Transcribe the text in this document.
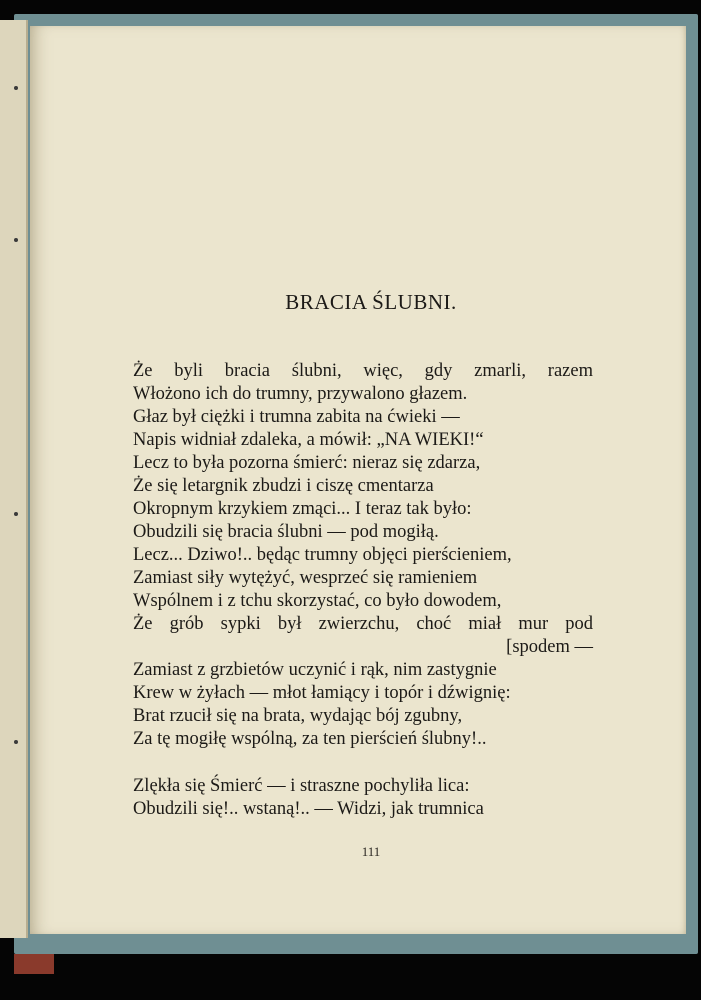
BRACIA ŚLUBNI.
Że byli bracia ślubni, więc, gdy zmarli, razem
Włożono ich do trumny, przywalono głazem.
Głaz był ciężki i trumna zabita na ćwieki —
Napis widniał zdaleka, a mówił: „NA WIEKI!“
Lecz to była pozorna śmierć: nieraz się zdarza,
Że się letargnik zbudzi i ciszę cmentarza
Okropnym krzykiem zmąci... I teraz tak było:
Obudzili się bracia ślubni — pod mogiłą.
Lecz... Dziwo!.. będąc trumny objęci pierścieniem,
Zamiast siły wytężyć, wesprzeć się ramieniem
Wspólnem i z tchu skorzystać, co było dowodem,
Że grób sypki był zwierzchu, choć miał mur pod
[spodem —
Zamiast z grzbietów uczynić i rąk, nim zastygnie
Krew w żyłach — młot łamiący i topór i dźwignię:
Brat rzucił się na brata, wydając bój zgubny,
Za tę mogiłę wspólną, za ten pierścień ślubny!..
Zlękła się Śmierć — i straszne pochyliła lica:
Obudzili się!.. wstaną!.. — Widzi, jak trumnica
111
